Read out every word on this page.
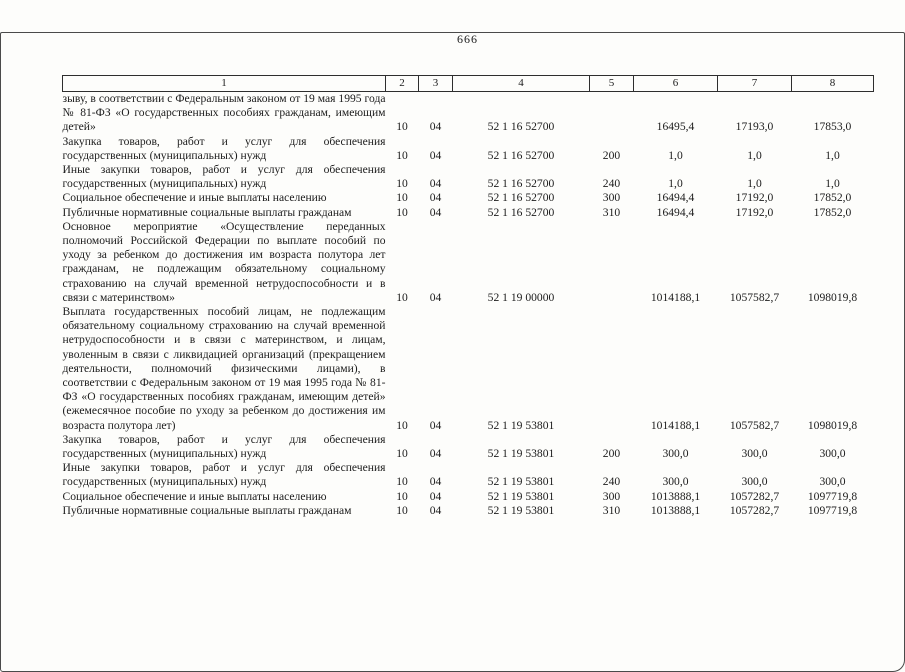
666
1	2	3	4	5	6	7	8
зыву, в соответствии с Федеральным законом от 19 мая 1995 года № 81-ФЗ «О государственных пособиях гражданам, имеющим детей»	10	04	52 1 16 52700		16495,4	17193,0	17853,0
Закупка товаров, работ и услуг для обеспечения государственных (муниципальных) нужд	10	04	52 1 16 52700	200	1,0	1,0	1,0
Иные закупки товаров, работ и услуг для обеспечения государственных (муниципальных) нужд	10	04	52 1 16 52700	240	1,0	1,0	1,0
Социальное обеспечение и иные выплаты населению	10	04	52 1 16 52700	300	16494,4	17192,0	17852,0
Публичные нормативные социальные выплаты гражданам	10	04	52 1 16 52700	310	16494,4	17192,0	17852,0
Основное мероприятие «Осуществление переданных полномочий Российской Федерации по выплате пособий по уходу за ребенком до достижения им возраста полутора лет гражданам, не подлежащим обязательному социальному страхованию на случай временной нетрудоспособности и в связи с материнством»	10	04	52 1 19 00000		1014188,1	1057582,7	1098019,8
Выплата государственных пособий лицам, не подлежащим обязательному социальному страхованию на случай временной нетрудоспособности и в связи с материнством, и лицам, уволенным в связи с ликвидацией организаций (прекращением деятельности, полномочий физическими лицами), в соответствии с Федеральным законом от 19 мая 1995 года № 81-ФЗ «О государственных пособиях гражданам, имеющим детей» (ежемесячное пособие по уходу за ребенком до достижения им возраста полутора лет)	10	04	52 1 19 53801		1014188,1	1057582,7	1098019,8
Закупка товаров, работ и услуг для обеспечения государственных (муниципальных) нужд	10	04	52 1 19 53801	200	300,0	300,0	300,0
Иные закупки товаров, работ и услуг для обеспечения государственных (муниципальных) нужд	10	04	52 1 19 53801	240	300,0	300,0	300,0
Социальное обеспечение и иные выплаты населению	10	04	52 1 19 53801	300	1013888,1	1057282,7	1097719,8
Публичные нормативные социальные выплаты гражданам	10	04	52 1 19 53801	310	1013888,1	1057282,7	1097719,8
